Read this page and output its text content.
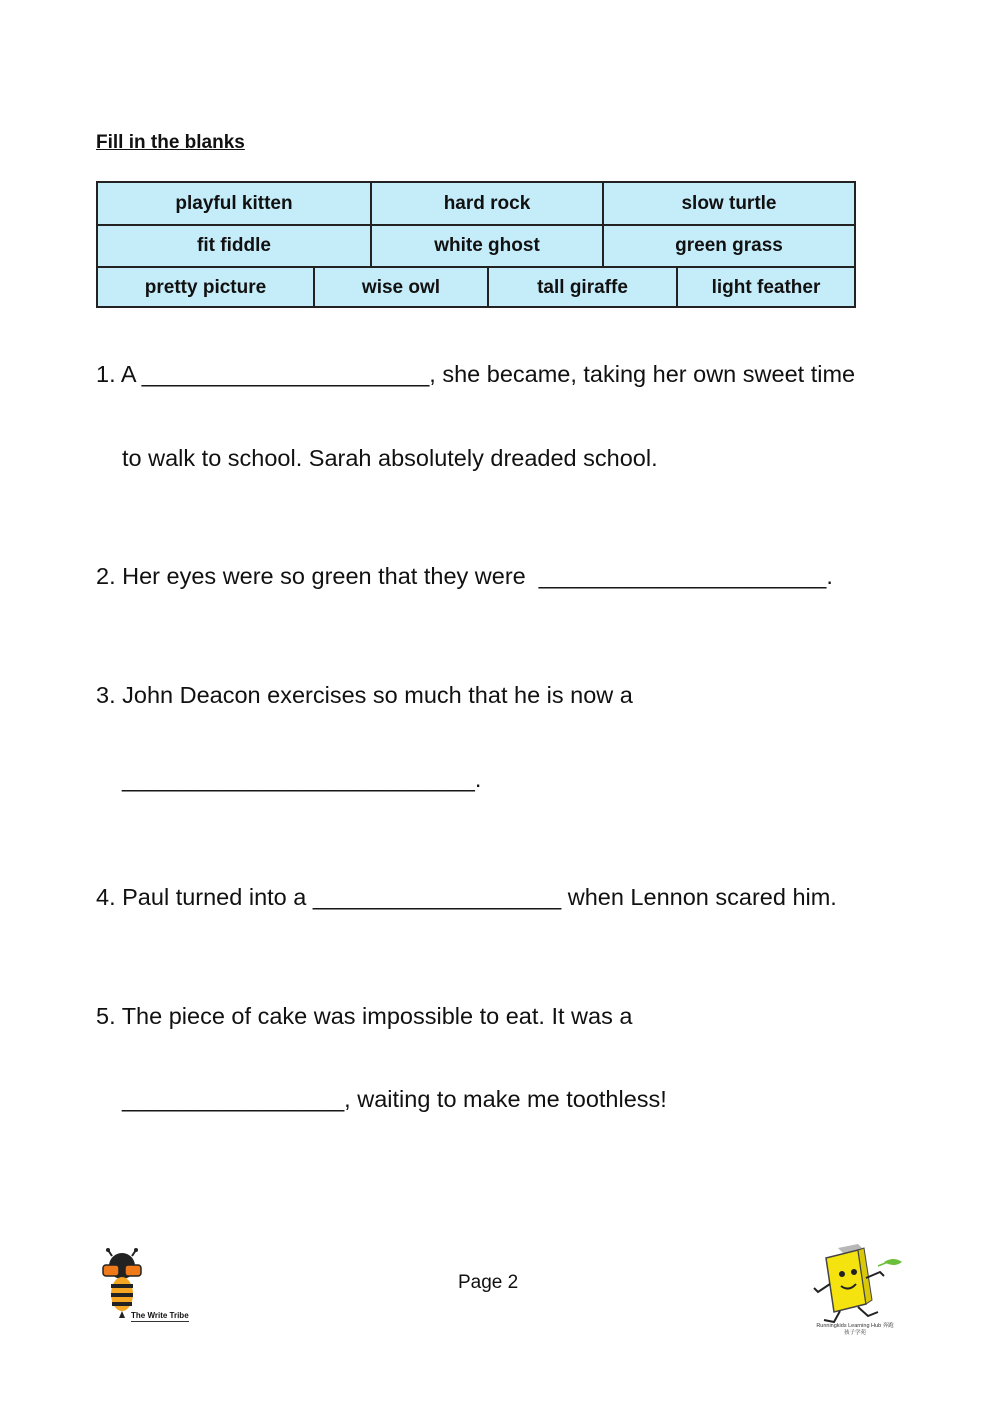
Fill in the blanks
playful kitten	hard rock	slow turtle
fit fiddle	white ghost	green grass
pretty picture	wise owl	tall giraffe	light feather
1. A ______________________, she became, taking her own sweet time
to walk to school. Sarah absolutely dreaded school.
2. Her eyes were so green that they were  ______________________.
3. John Deacon exercises so much that he is now a
___________________________.
4. Paul turned into a ___________________ when Lennon scared him.
5. The piece of cake was impossible to eat. It was a
_________________, waiting to make me toothless!
Page 2
The Write Tribe
Runningkids Learning Hub 奔跑孩子学苑
